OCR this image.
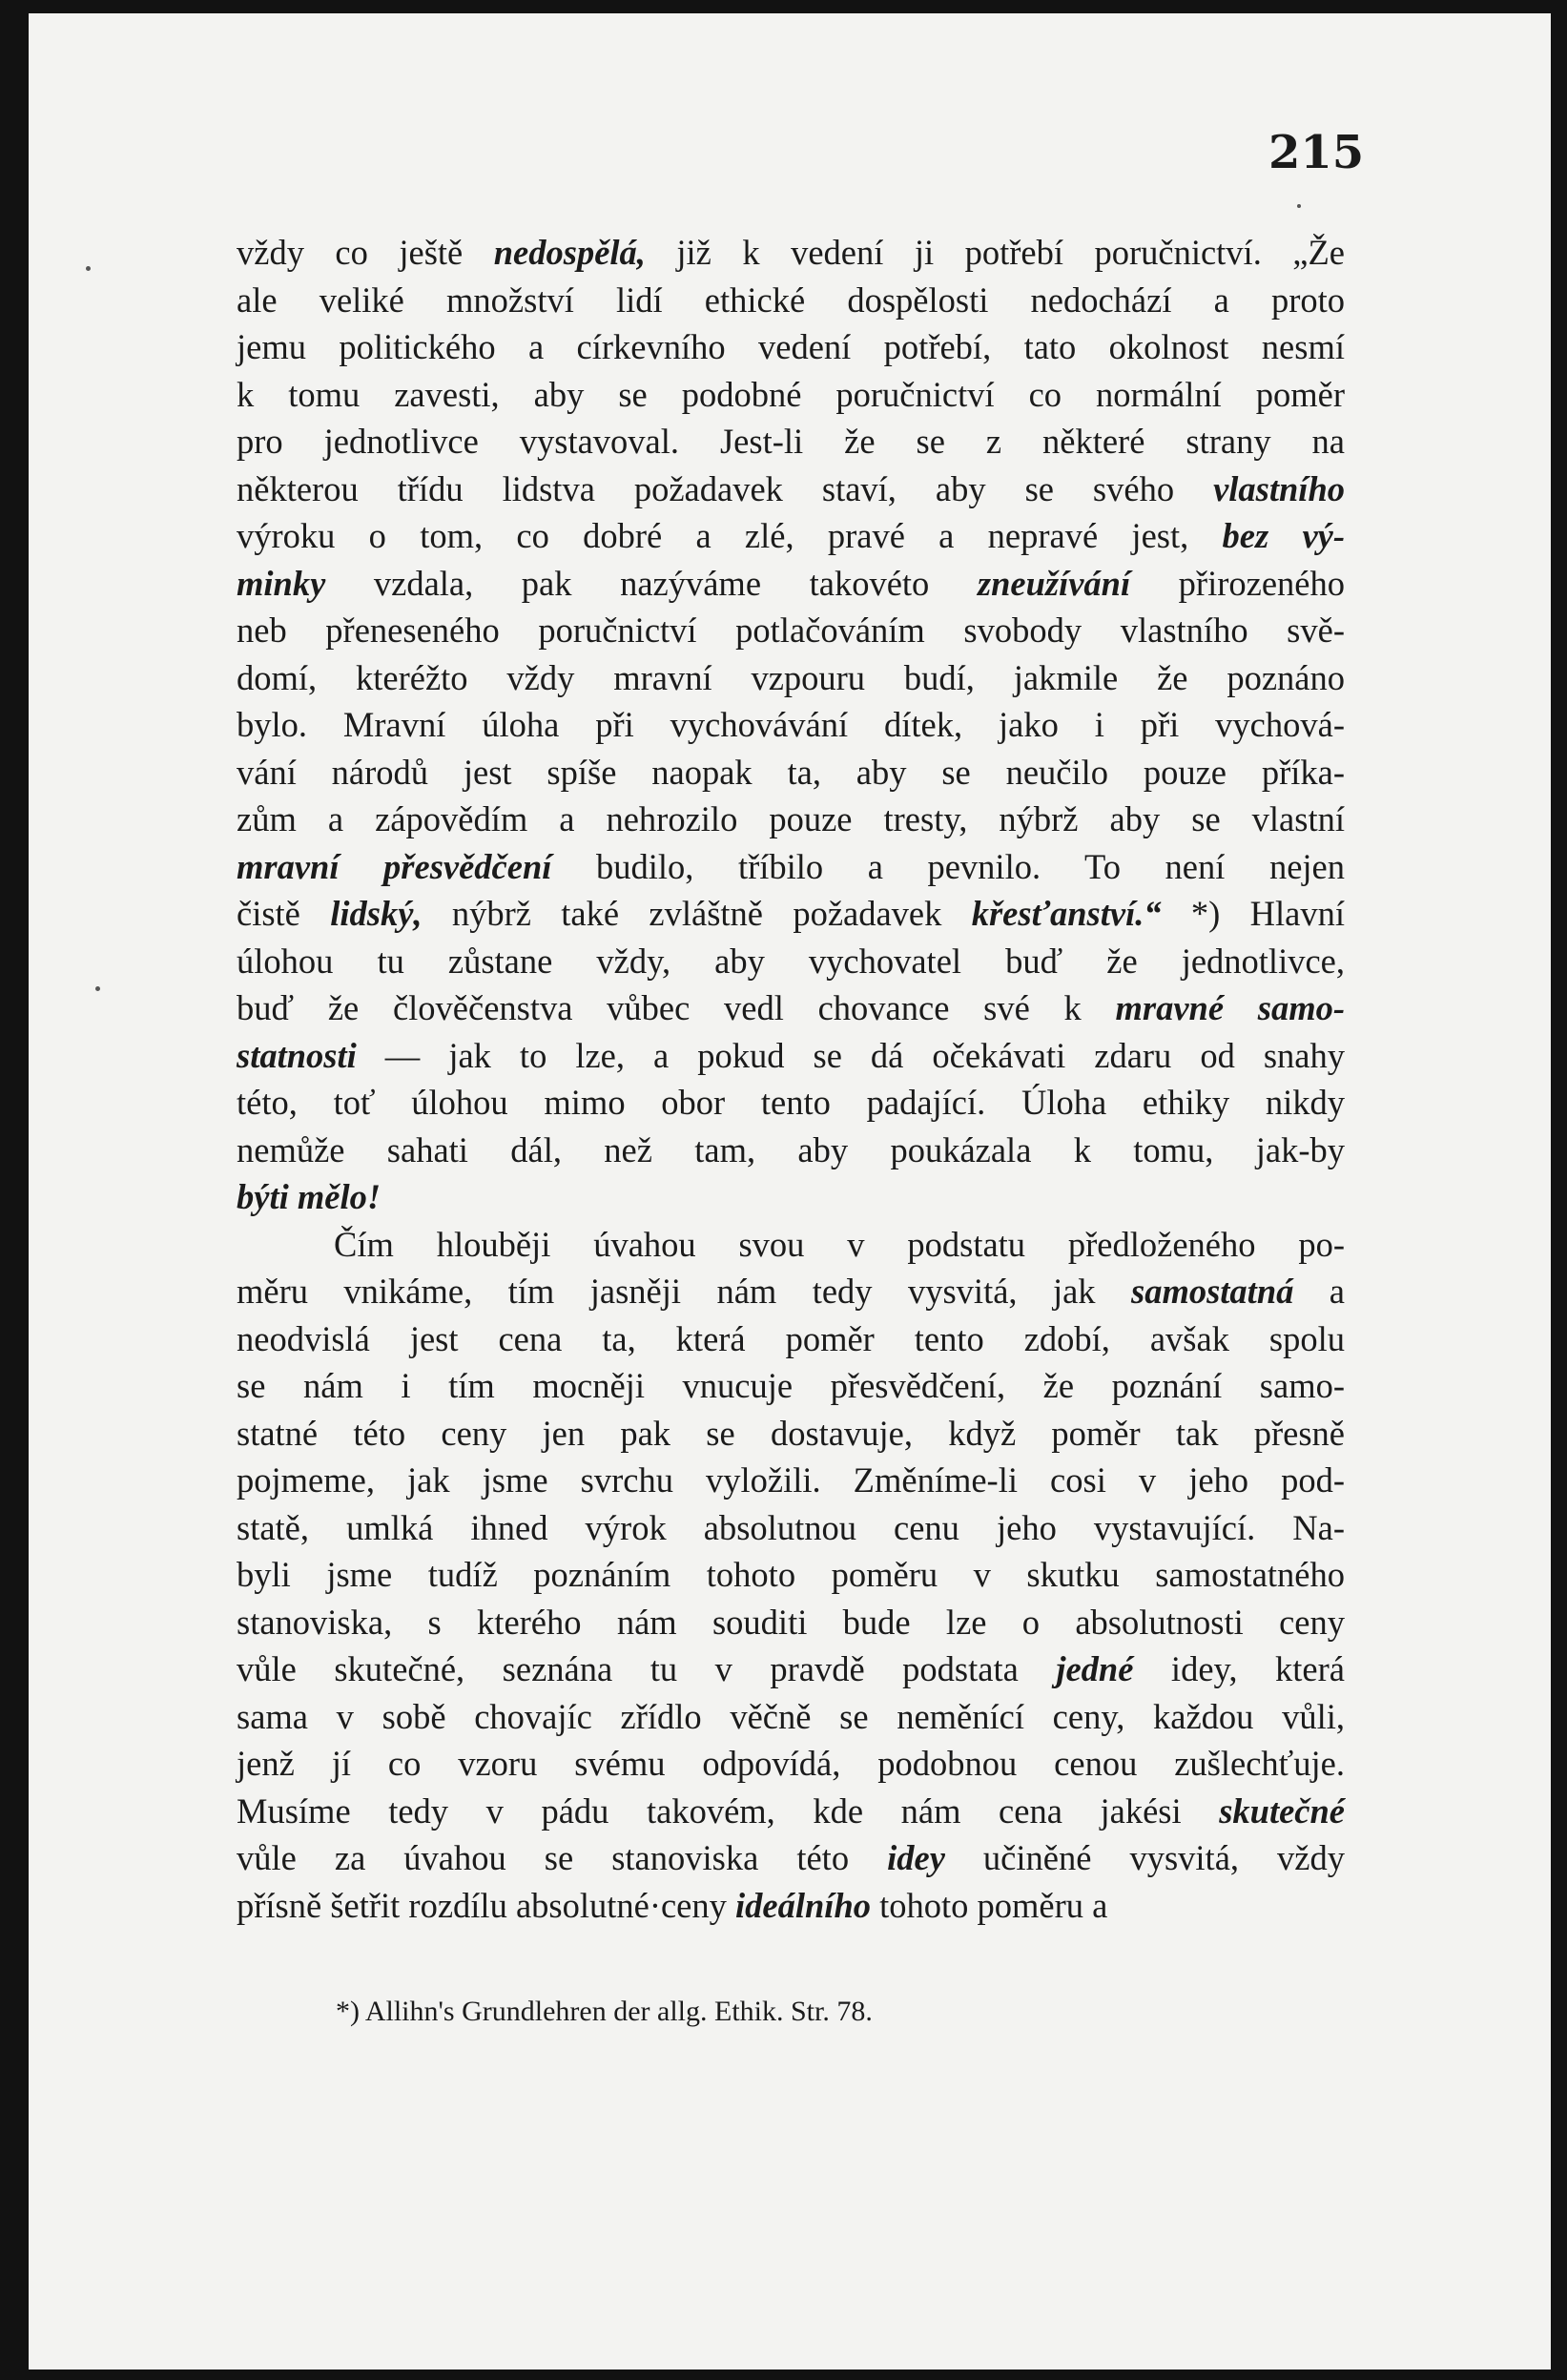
215
vždy co ještě nedospělá, již k vedení ji potřebí poručnictví. „Že
ale veliké množství lidí ethické dospělosti nedochází a proto
jemu politického a církevního vedení potřebí, tato okolnost nesmí
k tomu zavesti, aby se podobné poručnictví co normální poměr
pro jednotlivce vystavoval. Jest-li že se z některé strany na
některou třídu lidstva požadavek staví, aby se svého vlastního
výroku o tom, co dobré a zlé, pravé a nepravé jest, bez vý-
minky vzdala, pak nazýváme takovéto zneužívání přirozeného
neb přeneseného poručnictví potlačováním svobody vlastního svě-
domí, kteréžto vždy mravní vzpouru budí, jakmile že poznáno
bylo. Mravní úloha při vychovávání dítek, jako i při vychová-
vání národů jest spíše naopak ta, aby se neučilo pouze příka-
zům a zápovědím a nehrozilo pouze tresty, nýbrž aby se vlastní
mravní přesvědčení budilo, tříbilo a pevnilo. To není nejen
čistě lidský, nýbrž také zvláštně požadavek křesťanství.“ *) Hlavní
úlohou tu zůstane vždy, aby vychovatel buď že jednotlivce,
buď že člověčenstva vůbec vedl chovance své k mravné samo-
statnosti — jak to lze, a pokud se dá očekávati zdaru od snahy
této, toť úlohou mimo obor tento padající. Úloha ethiky nikdy
nemůže sahati dál, než tam, aby poukázala k tomu, jak-by
býti mělo!
Čím hlouběji úvahou svou v podstatu předloženého po-
měru vnikáme, tím jasněji nám tedy vysvitá, jak samostatná a
neodvislá jest cena ta, která poměr tento zdobí, avšak spolu
se nám i tím mocněji vnucuje přesvědčení, že poznání samo-
statné této ceny jen pak se dostavuje, když poměr tak přesně
pojmeme, jak jsme svrchu vyložili. Změníme-li cosi v jeho pod-
statě, umlká ihned výrok absolutnou cenu jeho vystavující. Na-
byli jsme tudíž poznáním tohoto poměru v skutku samostatného
stanoviska, s kterého nám souditi bude lze o absolutnosti ceny
vůle skutečné, seznána tu v pravdě podstata jedné idey, která
sama v sobě chovajíc zřídlo věčně se neměnící ceny, každou vůli,
jenž jí co vzoru svému odpovídá, podobnou cenou zušlechťuje.
Musíme tedy v pádu takovém, kde nám cena jakési skutečné
vůle za úvahou se stanoviska této idey učiněné vysvitá, vždy
přísně šetřit rozdílu absolutné·ceny ideálního tohoto poměru a
*) Allihn's Grundlehren der allg. Ethik. Str. 78.
